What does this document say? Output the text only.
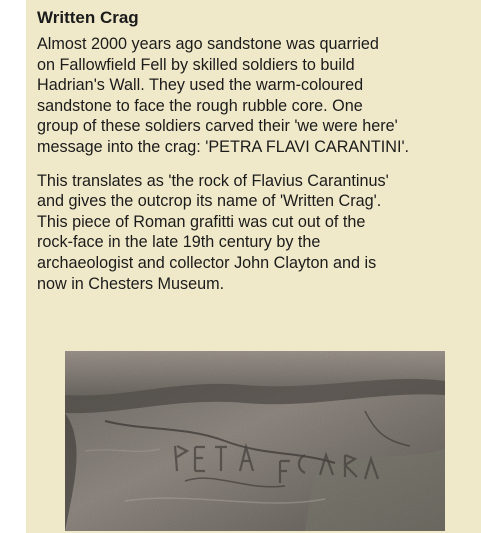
Written Crag

Almost 2000 years ago sandstone was quarried
on Fallowfield Fell by skilled soldiers to build
Hadrian's Wall. They used the warm-coloured
sandstone to face the rough rubble core. One
group of these soldiers carved their 'we were here'
message into the crag: 'PETRA FLAVI CARANTINI'.

This translates as 'the rock of Flavius Carantinus'
and gives the outcrop its name of 'Written Crag'.
This piece of Roman grafitti was cut out of the
rock-face in the late 19th century by the
archaeologist and collector John Clayton and is
now in Chesters Museum.
